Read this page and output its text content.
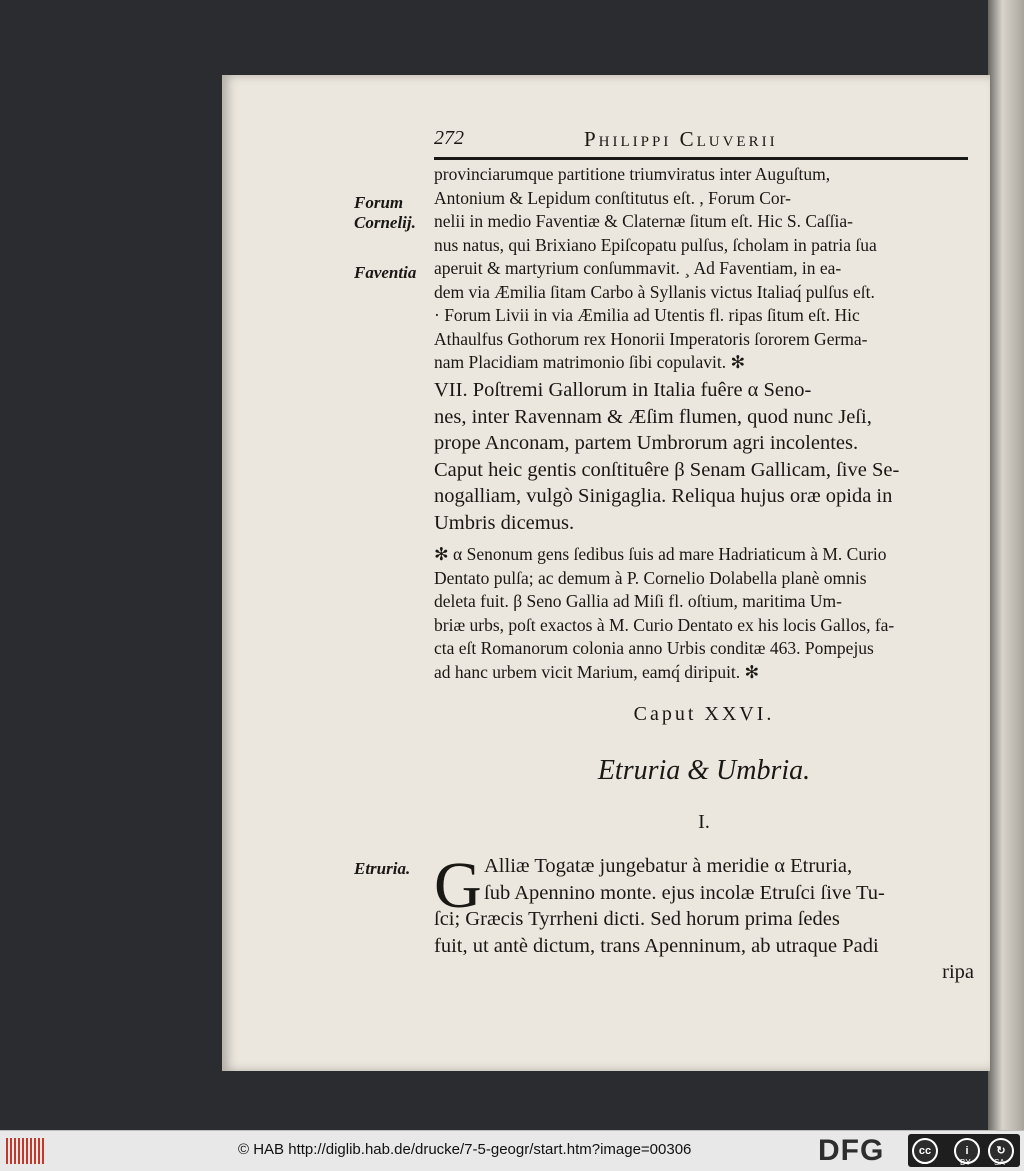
272	Philippi Cluverii
Forum Cornelij.
Faventia
Etruria.
provinciarumque partitione triumviratus inter Auguſtum,
Antonium & Lepidum conſtitutus eſt. , Forum Cor-
nelii in medio Faventiæ & Claternæ ſitum eſt. Hic S. Caſſia-
nus natus, qui Brixiano Epiſcopatu pulſus, ſcholam in patria ſua
aperuit & martyrium conſummavit. ¸ Ad Faventiam, in ea-
dem via Æmilia ſitam Carbo à Syllanis victus Italiaq́ pulſus eſt.
· Forum Livii in via Æmilia ad Utentis fl. ripas ſitum eſt. Hic
Athaulfus Gothorum rex Honorii Imperatoris ſororem Germa-
nam Placidiam matrimonio ſibi copulavit. ✻
VII. Poſtremi Gallorum in Italia fuêre α Seno-
nes, inter Ravennam & Æſim flumen, quod nunc Jeſi,
prope Anconam, partem Umbrorum agri incolentes.
Caput heic gentis conſtituêre β Senam Gallicam, ſive Se-
nogalliam, vulgò Sinigaglia. Reliqua hujus oræ opida in
Umbris dicemus.
✻ α Senonum gens ſedibus ſuis ad mare Hadriaticum à M. Curio
Dentato pulſa; ac demum à P. Cornelio Dolabella planè omnis
deleta fuit. β Seno Gallia ad Miſi fl. oſtium, maritima Um-
briæ urbs, poſt exactos à M. Curio Dentato ex his locis Gallos, fa-
cta eſt Romanorum colonia anno Urbis conditæ 463. Pompejus
ad hanc urbem vicit Marium, eamq́ diripuit. ✻
Caput XXVI.
Etruria & Umbria.
I.
G Alliæ Togatæ jungebatur à meridie α Etruria,
ſub Apennino monte. ejus incolæ Etruſci ſive Tu-
ſci; Græcis Tyrrheni dicti. Sed horum prima ſedes
fuit, ut antè dictum, trans Apenninum, ab utraque Padi
ripa
© HAB http://diglib.hab.de/drucke/7-5-geogr/start.htm?image=00306	DFG	cc	i	↻
BY	SA
